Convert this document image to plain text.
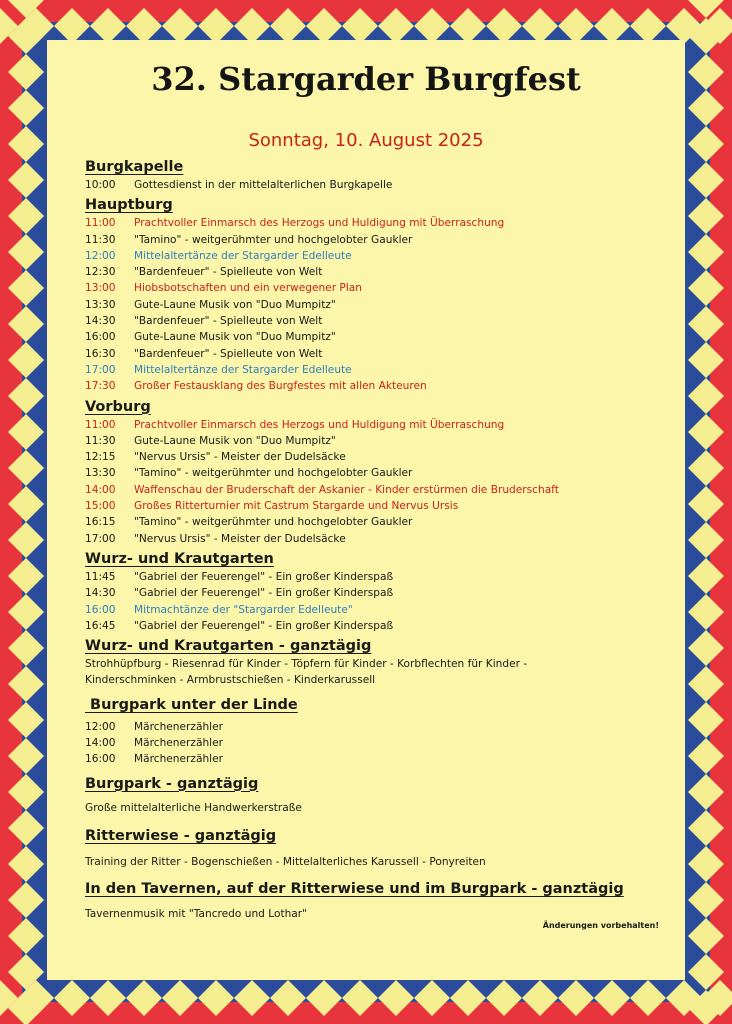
32. Stargarder Burgfest

Sonntag, 10. August 2025

Burgkapelle
10:00	Gottesdienst in der mittelalterlichen Burgkapelle
Hauptburg
11:00	Prachtvoller Einmarsch des Herzogs und Huldigung mit Überraschung
11:30	"Tamino" - weitgerühmter und hochgelobter Gaukler
12:00	Mittelaltertänze der Stargarder Edelleute
12:30	"Bardenfeuer" - Spielleute von Welt
13:00	Hiobsbotschaften und ein verwegener Plan
13:30	Gute-Laune Musik von "Duo Mumpitz"
14:30	"Bardenfeuer" - Spielleute von Welt
16:00	Gute-Laune Musik von "Duo Mumpitz"
16:30	"Bardenfeuer" - Spielleute von Welt
17:00	Mittelaltertänze der Stargarder Edelleute
17:30	Großer Festausklang des Burgfestes mit allen Akteuren
Vorburg
11:00	Prachtvoller Einmarsch des Herzogs und Huldigung mit Überraschung
11:30	Gute-Laune Musik von "Duo Mumpitz"
12:15	"Nervus Ursis" - Meister der Dudelsäcke
13:30	"Tamino" - weitgerühmter und hochgelobter Gaukler
14:00	Waffenschau der Bruderschaft der Askanier - Kinder erstürmen die Bruderschaft
15:00	Großes Ritterturnier mit Castrum Stargarde und Nervus Ursis
16:15	"Tamino" - weitgerühmter und hochgelobter Gaukler
17:00	"Nervus Ursis" - Meister der Dudelsäcke
Wurz- und Krautgarten
11:45	"Gabriel der Feuerengel" - Ein großer Kinderspaß
14:30	"Gabriel der Feuerengel" - Ein großer Kinderspaß
16:00	Mitmachtänze der "Stargarder Edelleute"
16:45	"Gabriel der Feuerengel" - Ein großer Kinderspaß
Wurz- und Krautgarten - ganztägig

Strohhüpfburg - Riesenrad für Kinder - Töpfern für Kinder - Korbflechten für Kinder -

Kinderschminken - Armbrustschießen - Kinderkarussell

Burgpark unter der Linde
12:00	Märchenerzähler
14:00	Märchenerzähler
16:00	Märchenerzähler
Burgpark - ganztägig

Große mittelalterliche Handwerkerstraße

Ritterwiese - ganztägig

Training der Ritter - Bogenschießen - Mittelalterliches Karussell - Ponyreiten

In den Tavernen, auf der Ritterwiese und im Burgpark - ganztägig

Tavernenmusik mit "Tancredo und Lothar"

Änderungen vorbehalten!
